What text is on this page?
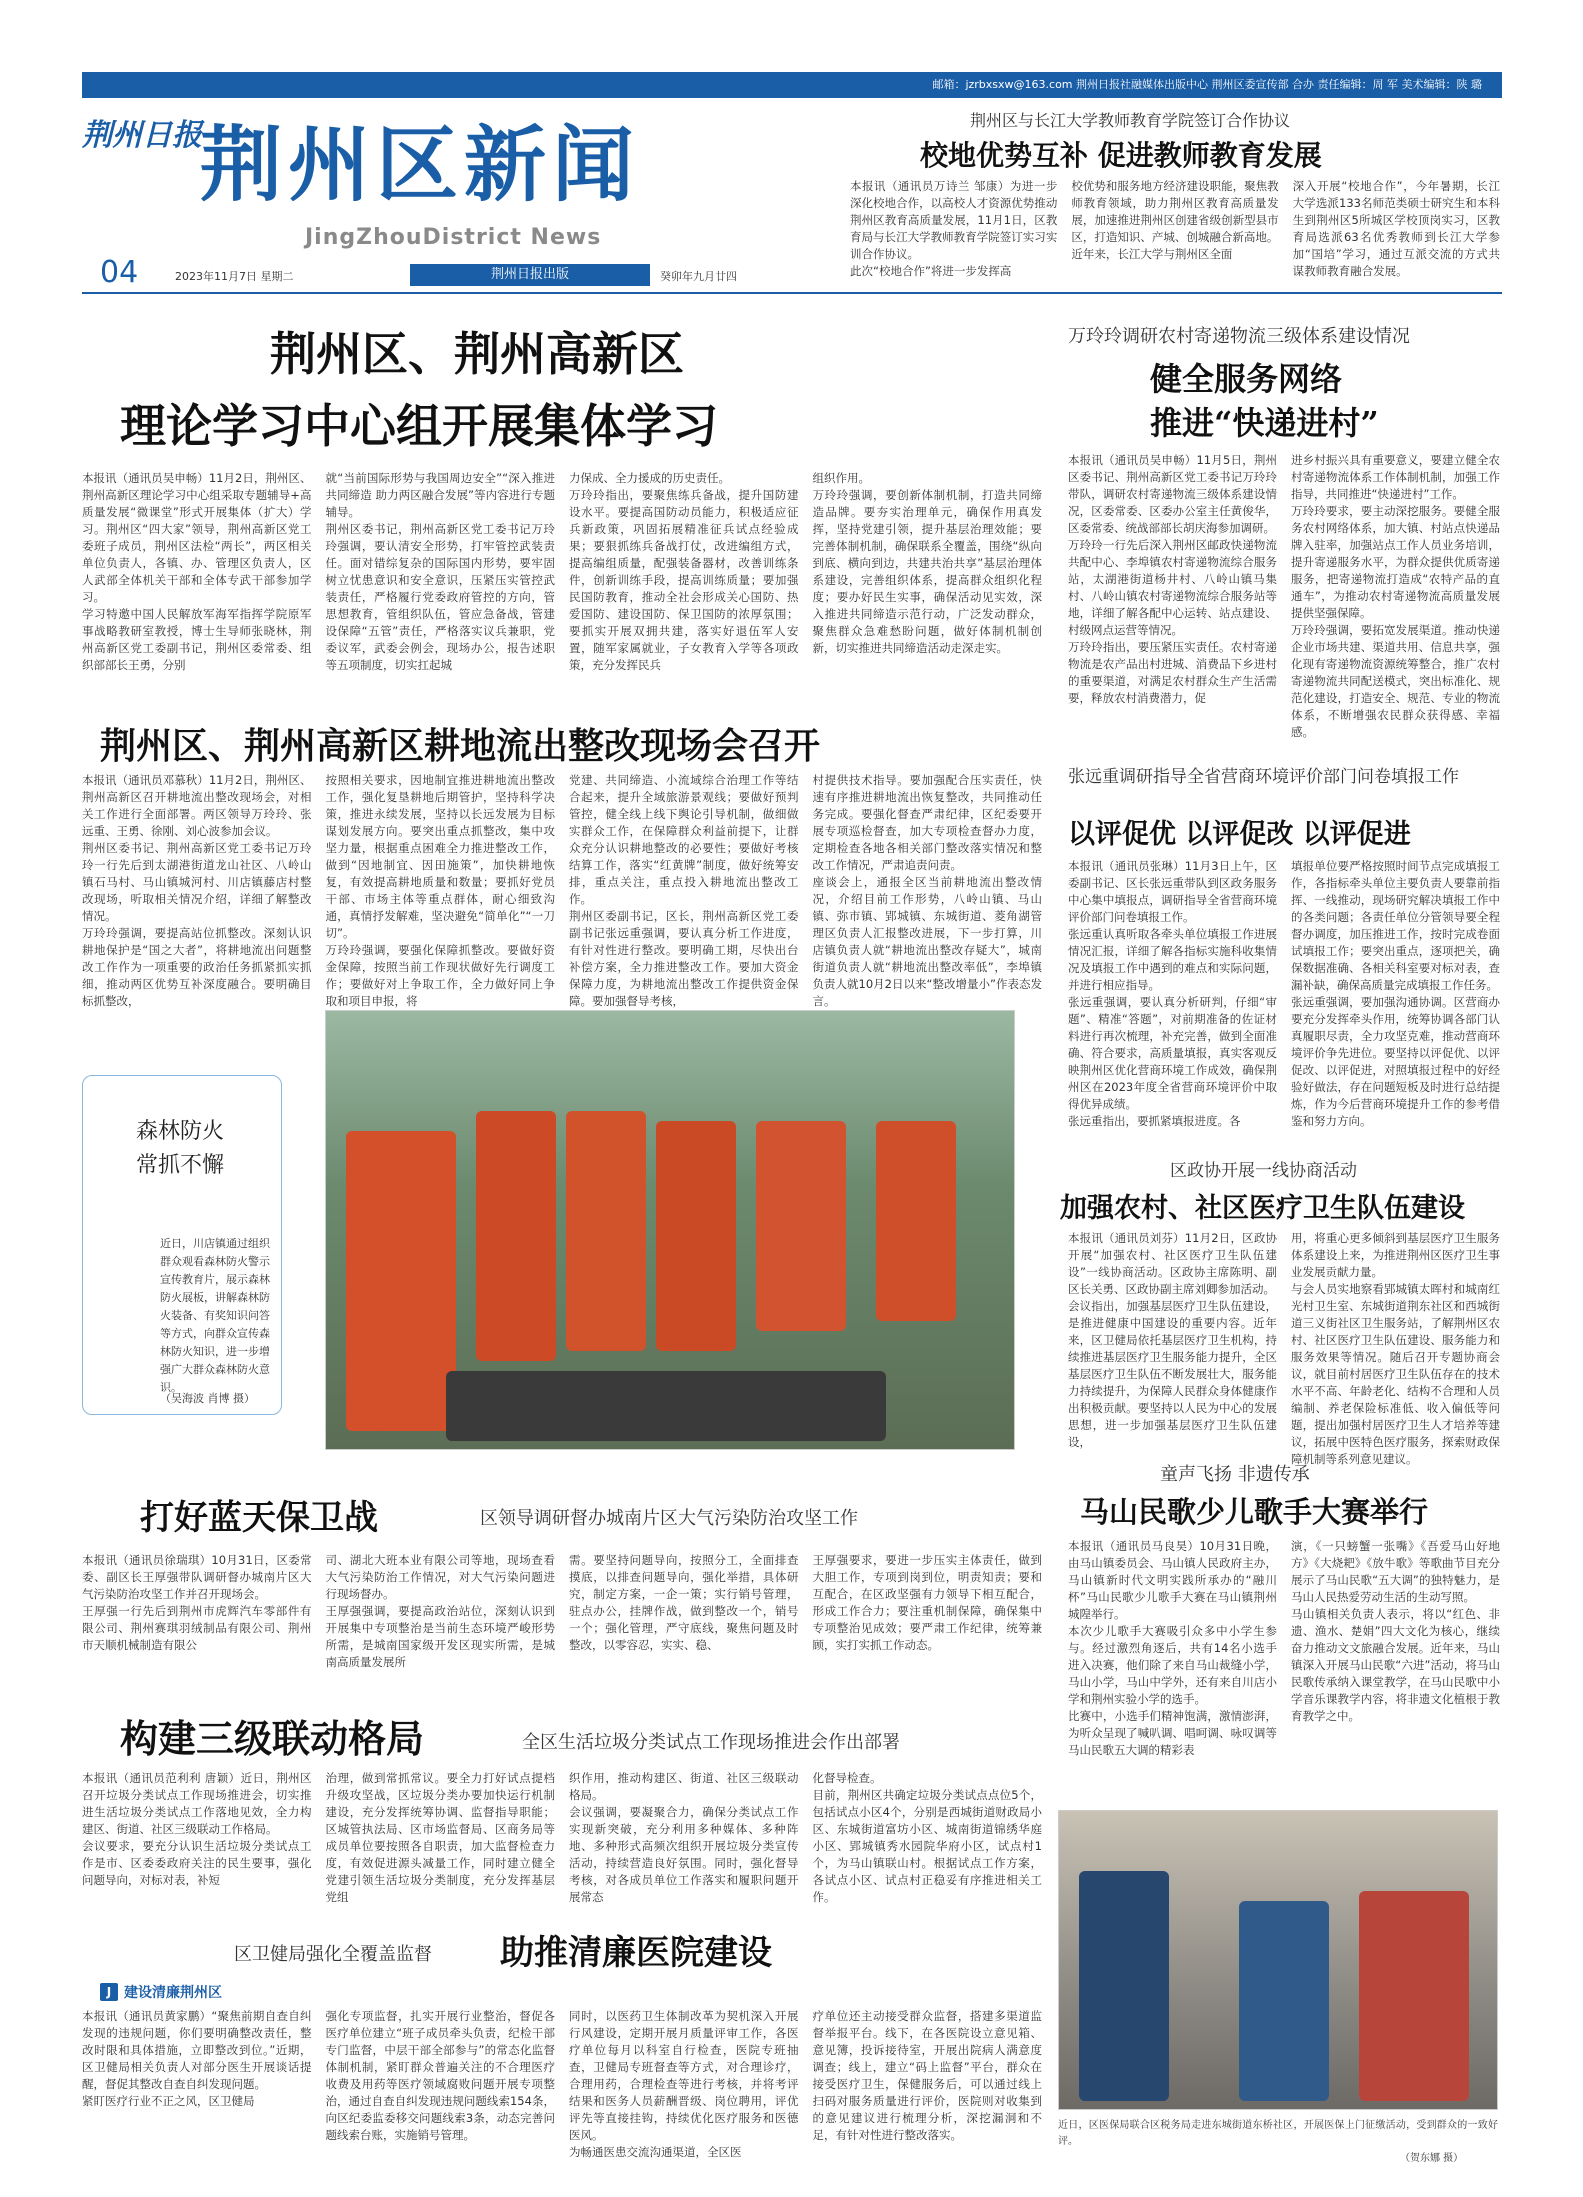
邮箱：jzrbxsxw@163.com 荆州日报社融媒体出版中心 荆州区委宣传部 合办 责任编辑：周 军 美术编辑：陕 璐
荆州日报
荆州区新闻
JingZhouDistrict News
04	2023年11月7日 星期二	荆州日报出版	癸卯年九月廿四
荆州区与长江大学教师教育学院签订合作协议
校地优势互补 促进教师教育发展
本报讯（通讯员万诗兰 邹康）为进一步深化校地合作，以高校人才资源优势推动荆州区教育高质量发展，11月1日，区教育局与长江大学教师教育学院签订实习实训合作协议。
此次“校地合作”将进一步发挥高
校优势和服务地方经济建设职能，聚焦教师教育领域，助力荆州区教育高质量发展，加速推进荆州区创建省级创新型县市区，打造知识、产城、创城融合新高地。
近年来，长江大学与荆州区全面
深入开展“校地合作”，今年暑期，长江大学选派133名师范类硕士研究生和本科生到荆州区5所城区学校顶岗实习，区教育局选派63名优秀教师到长江大学参加“国培”学习，通过互派交流的方式共谋教师教育融合发展。
荆州区、荆州高新区
理论学习中心组开展集体学习
本报讯（通讯员吴申畅）11月2日，荆州区、荆州高新区理论学习中心组采取专题辅导+高质量发展“微课堂”形式开展集体（扩大）学习。荆州区“四大家”领导，荆州高新区党工委班子成员，荆州区法检“两长”，两区相关单位负责人，各镇、办、管理区负责人，区人武部全体机关干部和全体专武干部参加学习。
学习特邀中国人民解放军海军指挥学院原军事战略教研室教授，博士生导师张晓林，荆州高新区党工委副书记，荆州区委常委、组织部部长王勇，分别
就“当前国际形势与我国周边安全”“深入推进共同缔造 助力两区融合发展”等内容进行专题辅导。
荆州区委书记，荆州高新区党工委书记万玲玲强调，要认清安全形势，打牢管控武装责任。面对错综复杂的国际国内形势，要牢固树立忧患意识和安全意识，压紧压实管控武装责任，严格履行党委政府管控的方向，管思想教育，管组织队伍，管应急备战，管建设保障“五管”责任，严格落实议兵兼职，党委议军，武委会例会，现场办公，报告述职等五项制度，切实扛起城
力保成、全力援成的历史责任。
万玲玲指出，要聚焦练兵备战，提升国防建设水平。要提高国防动员能力，积极适应征兵新政策，巩固拓展精准征兵试点经验成果；要狠抓练兵备战打仗，改进编组方式，提高编组质量，配强装备器材，改善训练条件，创新训练手段，提高训练质量；要加强民国防教育，推动全社会形成关心国防、热爱国防、建设国防、保卫国防的浓厚氛围；要抓实开展双拥共建，落实好退伍军人安置，随军家属就业，子女教育入学等各项政策，充分发挥民兵
组织作用。
万玲玲强调，要创新体制机制，打造共同缔造品牌。要夯实治理单元，确保作用真发挥，坚持党建引领，提升基层治理效能；要完善体制机制，确保联系全覆盖，围绕“纵向到底、横向到边，共建共治共享”基层治理体系建设，完善组织体系，提高群众组织化程度；要办好民生实事，确保活动见实效，深入推进共同缔造示范行动，广泛发动群众，聚焦群众急难愁盼问题，做好体制机制创新，切实推进共同缔造活动走深走实。
万玲玲调研农村寄递物流三级体系建设情况
健全服务网络
推进“快递进村”
本报讯（通讯员吴申畅）11月5日，荆州区委书记、荆州高新区党工委书记万玲玲带队，调研农村寄递物流三级体系建设情况，区委常委、区委办公室主任黄俊华，区委常委、统战部部长胡庆海参加调研。
万玲玲一行先后深入荆州区邮政快递物流共配中心、李埠镇农村寄递物流综合服务站，太湖港街道杨井村、八岭山镇马集村、八岭山镇农村寄递物流综合服务站等地，详细了解各配中心运转、站点建设、村级网点运营等情况。
万玲玲指出，要压紧压实责任。农村寄递物流是农产品出村进城、消费品下乡进村的重要渠道，对满足农村群众生产生活需要，释放农村消费潜力，促
进乡村振兴具有重要意义，要建立健全农村寄递物流体系工作体制机制，加强工作指导，共同推进“快递进村”工作。
万玲玲要求，要主动深挖服务。要健全服务农村网络体系，加大镇、村站点快递品牌入驻率，加强站点工作人员业务培训，提升寄递服务水平，为群众提供优质寄递服务，把寄递物流打造成“农特产品的直通车”，为推动农村寄递物流高质量发展提供坚强保障。
万玲玲强调，要拓宽发展渠道。推动快递企业市场共建、渠道共用、信息共享，强化现有寄递物流资源统筹整合，推广农村寄递物流共同配送模式，突出标准化、规范化建设，打造安全、规范、专业的物流体系，不断增强农民群众获得感、幸福感。
荆州区、荆州高新区耕地流出整改现场会召开
本报讯（通讯员邓慕秋）11月2日，荆州区、荆州高新区召开耕地流出整改现场会，对相关工作进行全面部署。两区领导万玲玲、张远重、王勇、徐刚、刘心波参加会议。
荆州区委书记、荆州高新区党工委书记万玲玲一行先后到太湖港街道龙山社区、八岭山镇石马村、马山镇城河村、川店镇藤店村整改现场，听取相关情况介绍，详细了解整改情况。
万玲玲强调，要提高站位抓整改。深刻认识耕地保护是“国之大者”，将耕地流出问题整改工作作为一项重要的政治任务抓紧抓实抓细，推动两区优势互补深度融合。要明确目标抓整改，
按照相关要求，因地制宜推进耕地流出整改工作，强化复垦耕地后期管护，坚持科学决策，推进永续发展，坚持以长远发展为目标谋划发展方向。要突出重点抓整改，集中攻坚力量，根据重点困难全力推进整改工作，做到“因地制宜、因田施策”，加快耕地恢复，有效提高耕地质量和数量；要抓好党员干部、市场主体等重点群体，耐心细致沟通，真情抒发解难，坚决避免“简单化”“一刀切”。
万玲玲强调，要强化保障抓整改。要做好资金保障，按照当前工作现状做好先行调度工作；要做好对上争取工作，全力做好同上争取和项目申报，将
党建、共同缔造、小流域综合治理工作等结合起来，提升全域旅游景观线；要做好预判管控，健全线上线下舆论引导机制，做细做实群众工作，在保障群众利益前提下，让群众充分认识耕地整改的必要性；要做好考核结算工作，落实“红黄牌”制度，做好统筹安排，重点关注，重点投入耕地流出整改工作。
荆州区委副书记，区长，荆州高新区党工委副书记张远重强调，要认真分析工作进度，有针对性进行整改。要明确工期，尽快出台补偿方案，全力推进整改工作。要加大资金保障力度，为耕地流出整改工作提供资金保障。要加强督导考核，
村提供技术指导。要加强配合压实责任，快速有序推进耕地流出恢复整改，共同推动任务完成。要强化督查严肃纪律，区纪委要开展专项巡检督查，加大专项检查督办力度，定期检查各地各相关部门整改落实情况和整改工作情况，严肃追责问责。
座谈会上，通报全区当前耕地流出整改情况，介绍目前工作形势，八岭山镇、马山镇、弥市镇、郢城镇、东城街道、菱角湖管理区负责人汇报整改进展，下一步打算，川店镇负责人就“耕地流出整改存疑大”，城南街道负责人就“耕地流出整改率低”，李埠镇负责人就10月2日以来“整改增量小”作表态发言。
张远重调研指导全省营商环境评价部门问卷填报工作
以评促优 以评促改 以评促进
本报讯（通讯员张琳）11月3日上午，区委副书记、区长张远重带队到区政务服务中心集中填报点，调研指导全省营商环境评价部门问卷填报工作。
张远重认真听取各牵头单位填报工作进展情况汇报，详细了解各指标实施科收集情况及填报工作中遇到的难点和实际问题，并进行相应指导。
张远重强调，要认真分析研判，仔细“审题”、精准“答题”，对前期准备的佐证材料进行再次梳理，补充完善，做到全面准确、符合要求，高质量填报，真实客观反映荆州区优化营商环境工作成效，确保荆州区在2023年度全省营商环境评价中取得优异成绩。
张远重指出，要抓紧填报进度。各
填报单位要严格按照时间节点完成填报工作，各指标牵头单位主要负责人要靠前指挥、一线推动，现场研究解决填报工作中的各类问题；各责任单位分管领导要全程督办调度，加压推进工作，按时完成卷面试填报工作；要突出重点，逐项把关，确保数据准确、各相关科室要对标对表，查漏补缺，确保高质量完成填报工作任务。
张远重强调，要加强沟通协调。区营商办要充分发挥牵头作用，统筹协调各部门认真履职尽责，全力攻坚克难，推动营商环境评价争先进位。要坚持以评促优、以评促改、以评促进，对照填报过程中的好经验好做法，存在问题短板及时进行总结提炼，作为今后营商环境提升工作的参考借鉴和努力方向。
森林防火
常抓不懈
近日，川店镇通过组织群众观看森林防火警示宣传教育片，展示森林防火展板，讲解森林防火装备、有奖知识问答等方式，向群众宣传森林防火知识，进一步增强广大群众森林防火意识。
（吴海波 肖博 摄）
区政协开展一线协商活动
加强农村、社区医疗卫生队伍建设
本报讯（通讯员刘芬）11月2日，区政协开展“加强农村、社区医疗卫生队伍建设”一线协商活动。区政协主席陈明、副区长关勇、区政协副主席刘卿参加活动。
会议指出，加强基层医疗卫生队伍建设，是推进健康中国建设的重要内容。近年来，区卫健局依托基层医疗卫生机构，持续推进基层医疗卫生服务能力提升，全区基层医疗卫生队伍不断发展壮大，服务能力持续提升，为保障人民群众身体健康作出积极贡献。要坚持以人民为中心的发展思想，进一步加强基层医疗卫生队伍建设，
用，将重心更多倾斜到基层医疗卫生服务体系建设上来，为推进荆州区医疗卫生事业发展贡献力量。
与会人员实地察看郢城镇太晖村和城南红光村卫生室、东城街道荆东社区和西城街道三义街社区卫生服务站，了解荆州区农村、社区医疗卫生队伍建设、服务能力和服务效果等情况。随后召开专题协商会议，就目前村居医疗卫生队伍存在的技术水平不高、年龄老化、结构不合理和人员编制、养老保险标准低、收入偏低等问题，提出加强村居医疗卫生人才培养等建议，拓展中医特色医疗服务，探索财政保障机制等系列意见建议。
打好蓝天保卫战	区领导调研督办城南片区大气污染防治攻坚工作
本报讯（通讯员徐瑞琪）10月31日，区委常委、副区长王厚强带队调研督办城南片区大气污染防治攻坚工作并召开现场会。
王厚强一行先后到荆州市虎辉汽车零部件有限公司、荆州赛琪羽绒制品有限公司、荆州市天顺机械制造有限公
司、湖北大班本业有限公司等地，现场查看大气污染防治工作情况，对大气污染问题进行现场督办。
王厚强强调，要提高政治站位，深刻认识到开展集中专项整治是当前生态环境严峻形势所需，是城南国家级开发区现实所需，是城南高质量发展所
需。要坚持问题导向，按照分工，全面排查摸底，以排查问题导向，强化举措，具体研究，制定方案，一企一策；实行销号管理，驻点办公，挂牌作战，做到整改一个，销号一个；强化管理，严守底线，聚焦问题及时整改，以零容忍，实实、稳、
王厚强要求，要进一步压实主体责任，做到大胆工作，专项到岗到位，明责知责；要和互配合，在区政坚强有力领导下相互配合，形成工作合力；要注重机制保障，确保集中专项整治见成效；要严肃工作纪律，统筹兼顾，实打实抓工作动态。
童声飞扬 非遗传承
马山民歌少儿歌手大赛举行
本报讯（通讯员马良昊）10月31日晚，由马山镇委员会、马山镇人民政府主办，马山镇新时代文明实践所承办的“融川杯”马山民歌少儿歌手大赛在马山镇荆州城隍举行。
本次少儿歌手大赛吸引众多中小学生参与。经过激烈角逐后，共有14名小选手进入决赛，他们除了来自马山裁缝小学，马山小学，马山中学外，还有来自川店小学和荆州实验小学的选手。
比赛中，小选手们精神饱满，激情澎湃，为听众呈现了喊叭调、唱呵调、咏叹调等马山民歌五大调的精彩表
演，《一只螃蟹一张嘴》《吾爱马山好地方》《大烧耙》《放牛歌》等歌曲节目充分展示了马山民歌“五大调”的独特魅力，是马山人民热爱劳动生活的生动写照。
马山镇相关负责人表示，将以“红色、非遗、渔水、楚娟”四大文化为核心，继续奋力推动文文旅融合发展。近年来，马山镇深入开展马山民歌“六进”活动，将马山民歌传承纳入课堂教学，在马山民歌中小学音乐课教学内容，将非遗文化植根于教育教学之中。
构建三级联动格局	全区生活垃圾分类试点工作现场推进会作出部署
本报讯（通讯员范利利 唐颖）近日，荆州区召开垃圾分类试点工作现场推进会，切实推进生活垃圾分类试点工作落地见效，全力构建区、街道、社区三级联动工作格局。
会议要求，要充分认识生活垃圾分类试点工作是市、区委委政府关注的民生要事，强化问题导向，对标对表，补短
治理，做到常抓常议。要全力打好试点提档升级攻坚战，区垃圾分类办要加快运行机制建设，充分发挥统筹协调、监督指导职能；区城管执法局、区市场监督局、区商务局等成员单位要按照各自职责，加大监督检查力度，有效促进源头减量工作，同时建立健全党建引领生活垃圾分类制度，充分发挥基层党组
织作用，推动构建区、街道、社区三级联动格局。
会议强调，要凝聚合力，确保分类试点工作实现新突破，充分利用多种媒体、多种阵地、多种形式高频次组织开展垃圾分类宣传活动，持续营造良好氛围。同时，强化督导考核，对各成员单位工作落实和履职问题开展常态
化督导检查。
目前，荆州区共确定垃圾分类试点点位5个，包括试点小区4个，分别是西城街道财政局小区、东城街道富坊小区、城南街道锦绣华庭小区、郢城镇秀水园院华府小区，试点村1个，为马山镇联山村。根据试点工作方案，各试点小区、试点村正稳妥有序推进相关工作。
区卫健局强化全覆盖监督 助推清廉医院建设
J 建设清廉荆州区
本报讯（通讯员黄家鹏）“聚焦前期自查自纠发现的违规问题，你们要明确整改责任，整改时限和具体措施，立即整改到位。”近期，区卫健局相关负责人对部分医生开展谈话提醒，督促其整改自查自纠发现问题。
紧盯医疗行业不正之风，区卫健局
强化专项监督，扎实开展行业整治，督促各医疗单位建立“班子成员牵头负责，纪检干部专门监督，中层干部全部参与”的常态化监督体制机制，紧盯群众普遍关注的不合理医疗收费及用药等医疗领域腐败问题开展专项整治，通过自查自纠发现违规问题线索154条，向区纪委监委移交问题线索3条，动态完善问题线索台账，实施销号管理。
同时，以医药卫生体制改革为契机深入开展行风建设，定期开展月质量评审工作，各医疗单位每月以科室自行检查，医院专班抽查，卫健局专班督查等方式，对合理诊疗，合理用药，合理检查等进行考核，并将考评结果和医务人员薪酬晋级、岗位聘用，评优评先等直接挂钩，持续优化医疗服务和医德医风。
为畅通医患交流沟通渠道，全区医
疗单位还主动接受群众监督，搭建多渠道监督举报平台。线下，在各医院设立意见箱、意见簿，投诉接待室，开展出院病人满意度调查；线上，建立“码上监督”平台，群众在接受医疗卫生，保健服务后，可以通过线上扫码对服务质量进行评价，医院则对收集到的意见建议进行梳理分析，深挖漏洞和不足，有针对性进行整改落实。
近日，区医保局联合区税务局走进东城街道东桥社区，开展医保上门征缴活动，受到群众的一致好评。
（贺东娜 摄）
